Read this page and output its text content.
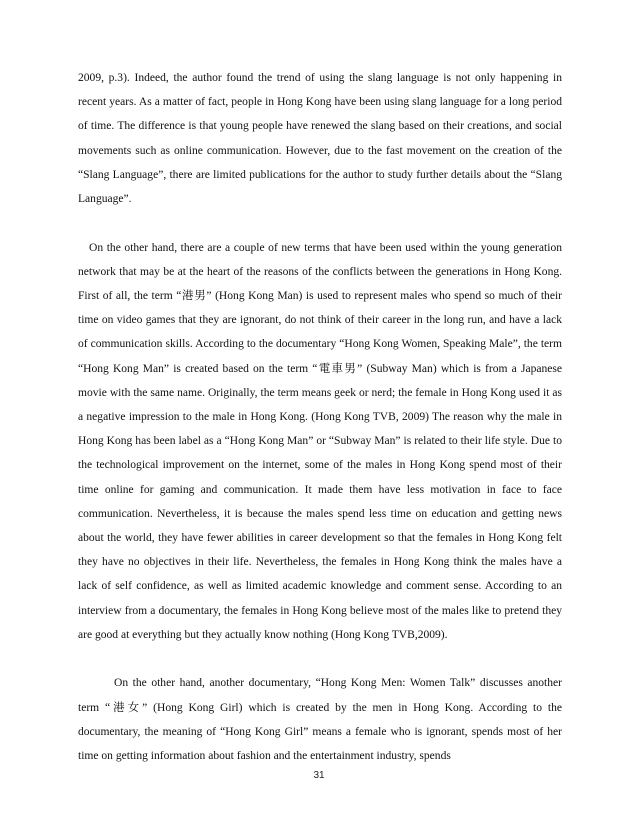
2009, p.3). Indeed, the author found the trend of using the slang language is not only happening in recent years. As a matter of fact, people in Hong Kong have been using slang language for a long period of time. The difference is that young people have renewed the slang based on their creations, and social movements such as online communication. However, due to the fast movement on the creation of the “Slang Language”, there are limited publications for the author to study further details about the “Slang Language”.

On the other hand, there are a couple of new terms that have been used within the young generation network that may be at the heart of the reasons of the conflicts between the generations in Hong Kong. First of all, the term “港男” (Hong Kong Man) is used to represent males who spend so much of their time on video games that they are ignorant, do not think of their career in the long run, and have a lack of communication skills. According to the documentary “Hong Kong Women, Speaking Male”, the term “Hong Kong Man” is created based on the term “電車男” (Subway Man) which is from a Japanese movie with the same name. Originally, the term means geek or nerd; the female in Hong Kong used it as a negative impression to the male in Hong Kong. (Hong Kong TVB, 2009) The reason why the male in Hong Kong has been label as a “Hong Kong Man” or “Subway Man” is related to their life style. Due to the technological improvement on the internet, some of the males in Hong Kong spend most of their time online for gaming and communication. It made them have less motivation in face to face communication. Nevertheless, it is because the males spend less time on education and getting news about the world, they have fewer abilities in career development so that the females in Hong Kong felt they have no objectives in their life. Nevertheless, the females in Hong Kong think the males have a lack of self confidence, as well as limited academic knowledge and comment sense. According to an interview from a documentary, the females in Hong Kong believe most of the males like to pretend they are good at everything but they actually know nothing (Hong Kong TVB,2009).

On the other hand, another documentary, “Hong Kong Men: Women Talk” discusses another term “港女” (Hong Kong Girl) which is created by the men in Hong Kong. According to the documentary, the meaning of “Hong Kong Girl” means a female who is ignorant, spends most of her time on getting information about fashion and the entertainment industry, spends

31
